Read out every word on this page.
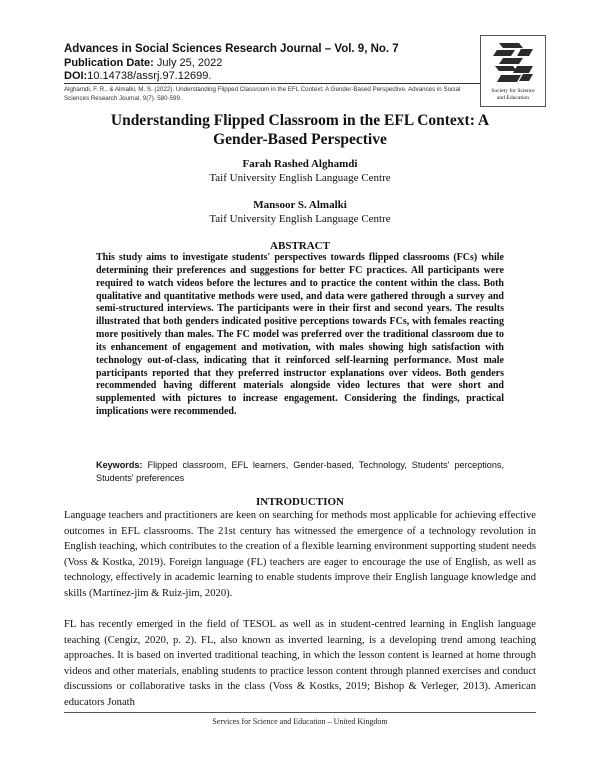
Advances in Social Sciences Research Journal – Vol. 9, No. 7
Publication Date: July 25, 2022
DOI:10.14738/assrj.97.12699.
Alghamdi, F. R., & Almalki, M. S. (2022). Understanding Flipped Classroom in the EFL Context: A Gender-Based Perspective. Advances in Social Sciences Research Journal, 9(7). 580-599.
Society for Science
and Education
Understanding Flipped Classroom in the EFL Context: A Gender-Based Perspective
Farah Rashed Alghamdi
Taif University English Language Centre
Mansoor S. Almalki
Taif University English Language Centre
ABSTRACT

This study aims to investigate students' perspectives towards flipped classrooms (FCs) while determining their preferences and suggestions for better FC practices. All participants were required to watch videos before the lectures and to practice the content within the class. Both qualitative and quantitative methods were used, and data were gathered through a survey and semi-structured interviews. The participants were in their first and second years. The results illustrated that both genders indicated positive perceptions towards FCs, with females reacting more positively than males. The FC model was preferred over the traditional classroom due to its enhancement of engagement and motivation, with males showing high satisfaction with technology out-of-class, indicating that it reinforced self-learning performance. Most male participants reported that they preferred instructor explanations over videos. Both genders recommended having different materials alongside video lectures that were short and supplemented with pictures to increase engagement. Considering the findings, practical implications were recommended.

Keywords: Flipped classroom, EFL learners, Gender-based, Technology, Students' perceptions, Students' preferences

INTRODUCTION

Language teachers and practitioners are keen on searching for methods most applicable for achieving effective outcomes in EFL classrooms. The 21st century has witnessed the emergence of a technology revolution in English teaching, which contributes to the creation of a flexible learning environment supporting student needs (Voss & Kostka, 2019). Foreign language (FL) teachers are eager to encourage the use of English, as well as technology, effectively in academic learning to enable students improve their English language knowledge and skills (Martínez-jim & Ruiz-jim, 2020).

FL has recently emerged in the field of TESOL as well as in student-centred learning in English language teaching (Cengiz, 2020, p. 2). FL, also known as inverted learning, is a developing trend among teaching approaches. It is based on inverted traditional teaching, in which the lesson content is learned at home through videos and other materials, enabling students to practice lesson content through planned exercises and conduct discussions or collaborative tasks in the class (Voss & Kostks, 2019; Bishop & Verleger, 2013). American educators Jonath

Services for Science and Education – United Kingdom
